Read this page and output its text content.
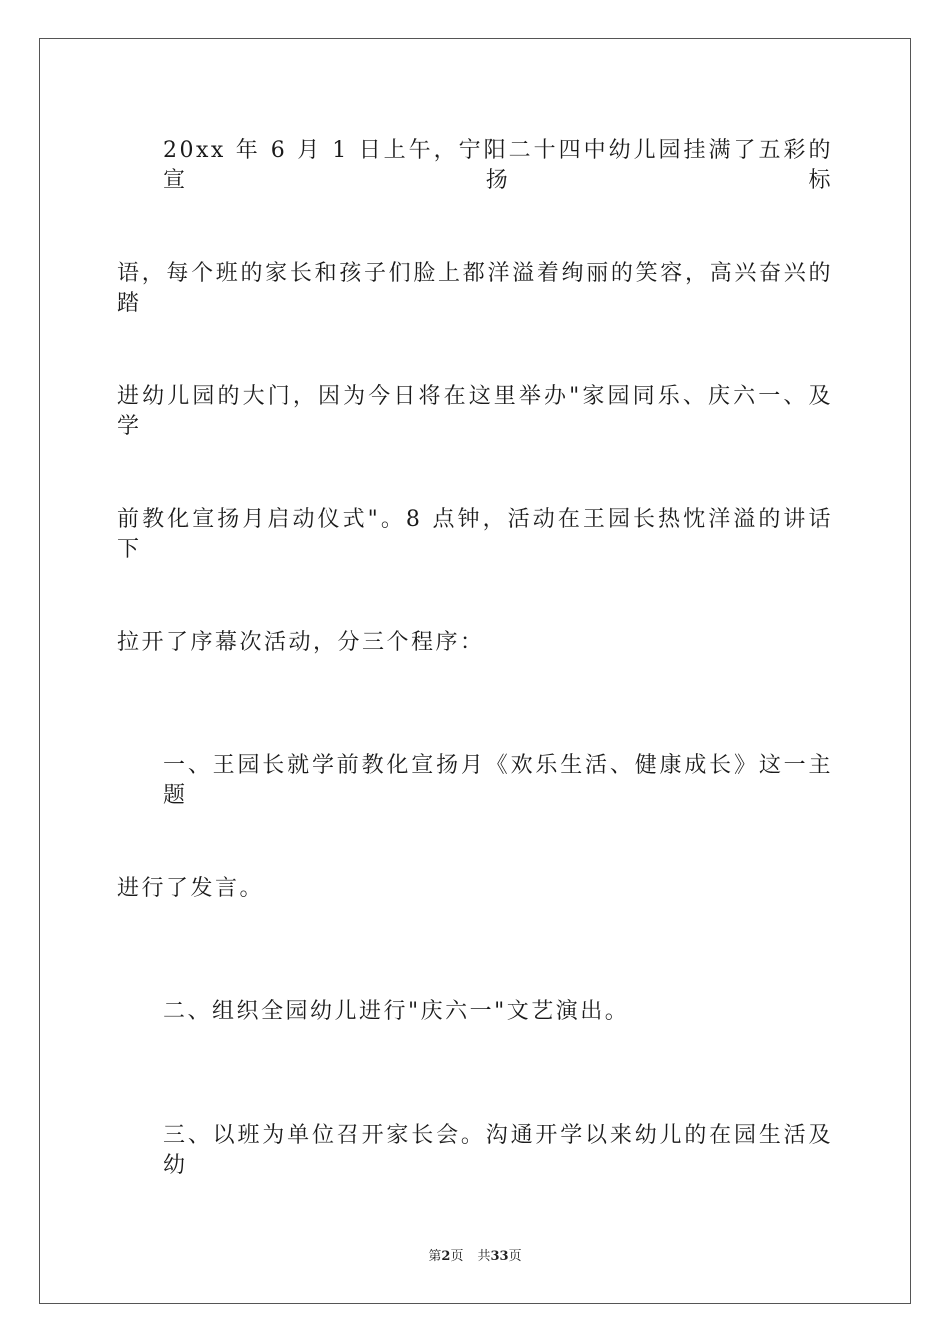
20xx 年 6 月 1 日上午，宁阳二十四中幼儿园挂满了五彩的宣扬标
语，每个班的家长和孩子们脸上都洋溢着绚丽的笑容，高兴奋兴的踏
进幼儿园的大门，因为今日将在这里举办"家园同乐、庆六一、及学
前教化宣扬月启动仪式"。8 点钟，活动在王园长热忱洋溢的讲话下
拉开了序幕次活动，分三个程序：
一、王园长就学前教化宣扬月《欢乐生活、健康成长》这一主题
进行了发言。
二、组织全园幼儿进行"庆六一"文艺演出。
三、以班为单位召开家长会。沟通开学以来幼儿的在园生活及幼
第2页 共33页
